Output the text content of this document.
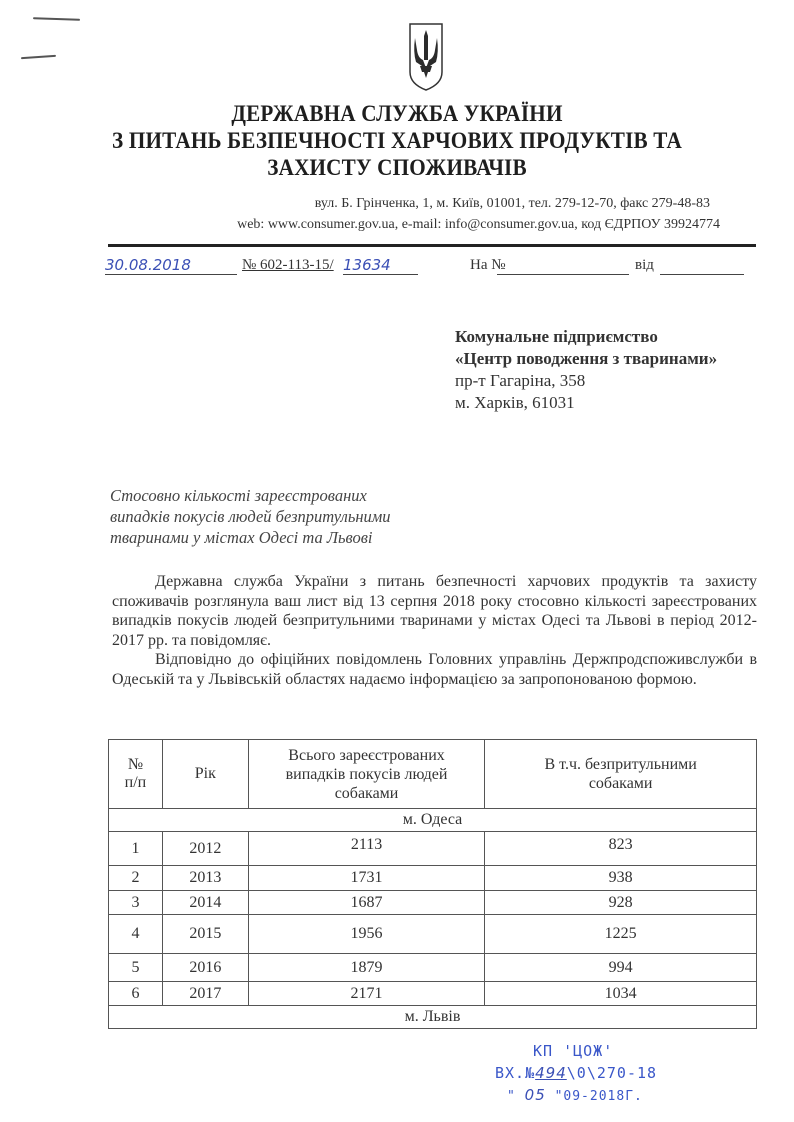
ДЕРЖАВНА СЛУЖБА УКРАЇНИ
З ПИТАНЬ БЕЗПЕЧНОСТІ ХАРЧОВИХ ПРОДУКТІВ ТА
ЗАХИСТУ СПОЖИВАЧІВ
вул. Б. Грінченка, 1, м. Київ, 01001, тел. 279-12-70, факс 279-48-83
web: www.consumer.gov.ua, e-mail: info@consumer.gov.ua, код ЄДРПОУ 39924774
30.08.2018	№ 602-113-15/ 13634	На №	від
Комунальне підприємство
«Центр поводження з тваринами»
пр-т Гагаріна, 358
м. Харків, 61031
Стосовно кількості зареєстрованих
випадків покусів людей безпритульними
тваринами у містах Одесі та Львові

Державна служба України з питань безпечності харчових продуктів та захисту споживачів розглянула ваш лист від 13 серпня 2018 року стосовно кількості зареєстрованих випадків покусів людей безпритульними тваринами у містах Одесі та Львові в період 2012-2017 рр. та повідомляє.

Відповідно до офіційних повідомлень Головних управлінь Держпродспоживслужби в Одеській та у Львівській областях надаємо інформацією за запропонованою формою.

№ п/п	Рік	Всього зареєстрованих випадків покусів людей собаками	В т.ч. безпритульними собаками
м. Одеса			
1	2012	2113	823
2	2013	1731	938
3	2014	1687	928
4	2015	1956	1225
5	2016	1879	994
6	2017	2171	1034
м. Львів			
КП 'ЦОЖ'
ВХ.№494\0\270-18
" 05 "09-2018Г.
